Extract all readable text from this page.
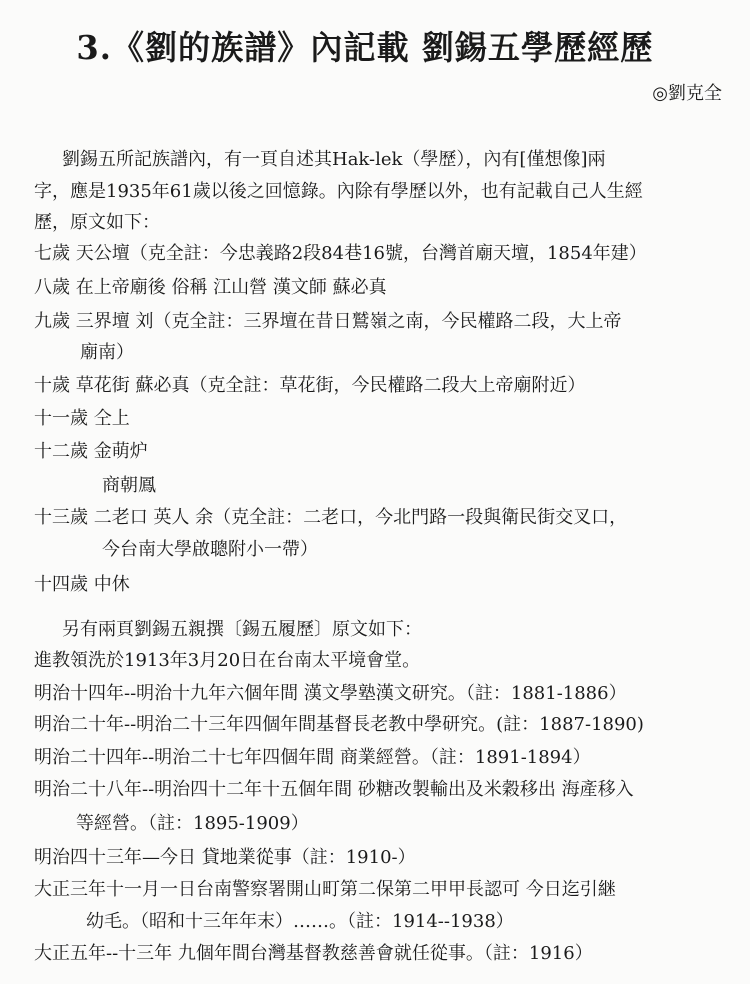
3.《劉的族譜》內記載 劉錫五學歷經歷
◎劉克全
劉錫五所記族譜內，有一頁自述其Hak-lek（學歷），內有[僅想像]兩
字，應是1935年61歲以後之回憶錄。內除有學歷以外，也有記載自己人生經
歷，原文如下：
七歲 天公壇（克全註：今忠義路2段84巷16號，台灣首廟天壇，1854年建）
八歲 在上帝廟後 俗稱 江山營 漢文師 蘇必真
九歲 三界壇 刘（克全註：三界壇在昔日鷲嶺之南，今民權路二段，大上帝
廟南）
十歲 草花街 蘇必真（克全註：草花街，今民權路二段大上帝廟附近）
十一歲 仝上
十二歲 金萌炉
商朝鳳
十三歲 二老口 英人 余（克全註：二老口，今北門路一段與衛民街交叉口，
今台南大學啟聰附小一帶）
十四歲 中休
另有兩頁劉錫五親撰〔錫五履歷〕原文如下：
進教領洗於1913年3月20日在台南太平境會堂。
明治十四年--明治十九年六個年間 漢文學塾漢文研究。（註：1881-1886）
明治二十年--明治二十三年四個年間基督長老教中學研究。(註：1887-1890)
明治二十四年--明治二十七年四個年間 商業經營。（註：1891-1894）
明治二十八年--明治四十二年十五個年間 砂糖改製輸出及米穀移出 海產移入
等經營。（註：1895-1909）
明治四十三年—今日 貸地業從事（註：1910-）
大正三年十一月一日台南警察署開山町第二保第二甲甲長認可 今日迄引継
幼毛。（昭和十三年年末）……。（註：1914--1938）
大正五年--十三年 九個年間台灣基督教慈善會就任從事。（註：1916）
